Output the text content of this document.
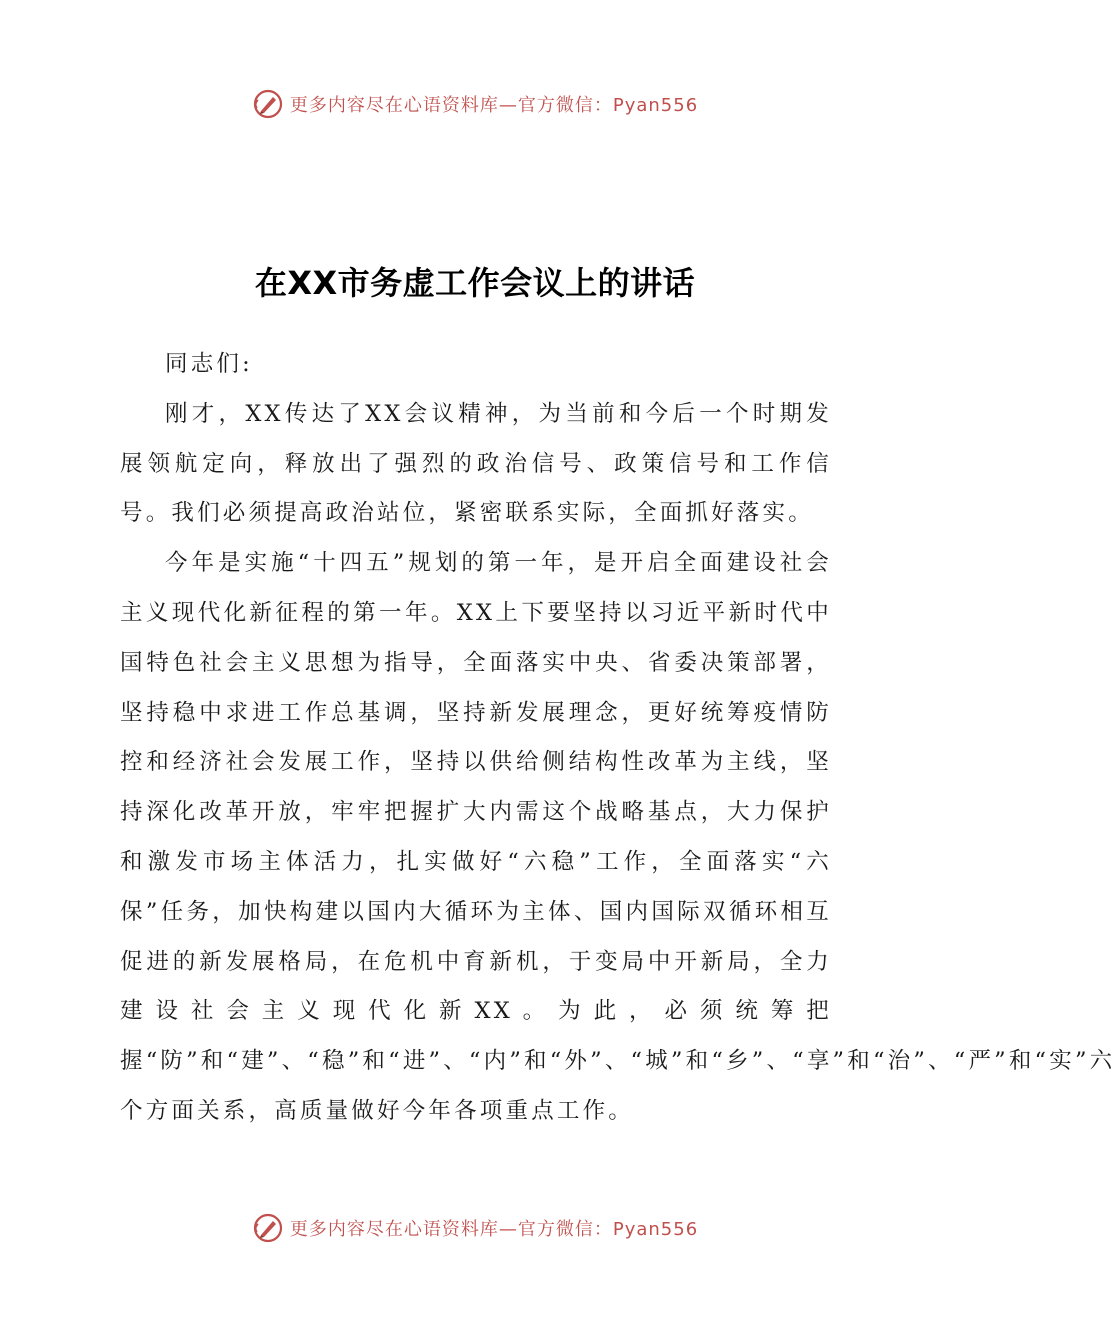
更多内容尽在心语资料库—官方微信：Pyan556
在XX市务虚工作会议上的讲话

同志们:

刚才，XX传达了XX会议精神，为当前和今后一个时期发展领航定向，释放出了强烈的政治信号、政策信号和工作信号。我们必须提高政治站位，紧密联系实际，全面抓好落实。

今年是实施“十四五”规划的第一年，是开启全面建设社会主义现代化新征程的第一年。XX上下要坚持以习近平新时代中国特色社会主义思想为指导，全面落实中央、省委决策部署，坚持稳中求进工作总基调，坚持新发展理念，更好统筹疫情防控和经济社会发展工作，坚持以供给侧结构性改革为主线，坚持深化改革开放，牢牢把握扩大内需这个战略基点，大力保护和激发市场主体活力，扎实做好“六稳”工作，全面落实“六保”任务，加快构建以国内大循环为主体、国内国际双循环相互促进的新发展格局，在危机中育新机，于变局中开新局，全力建设社会主义现代化新XX。为此，必须统筹把握“防”和“建”、“稳”和“进”、“内”和“外”、“城”和“乡”、“享”和“治”、“严”和“实”六个方面关系，高质量做好今年各项重点工作。

更多内容尽在心语资料库—官方微信：Pyan556
